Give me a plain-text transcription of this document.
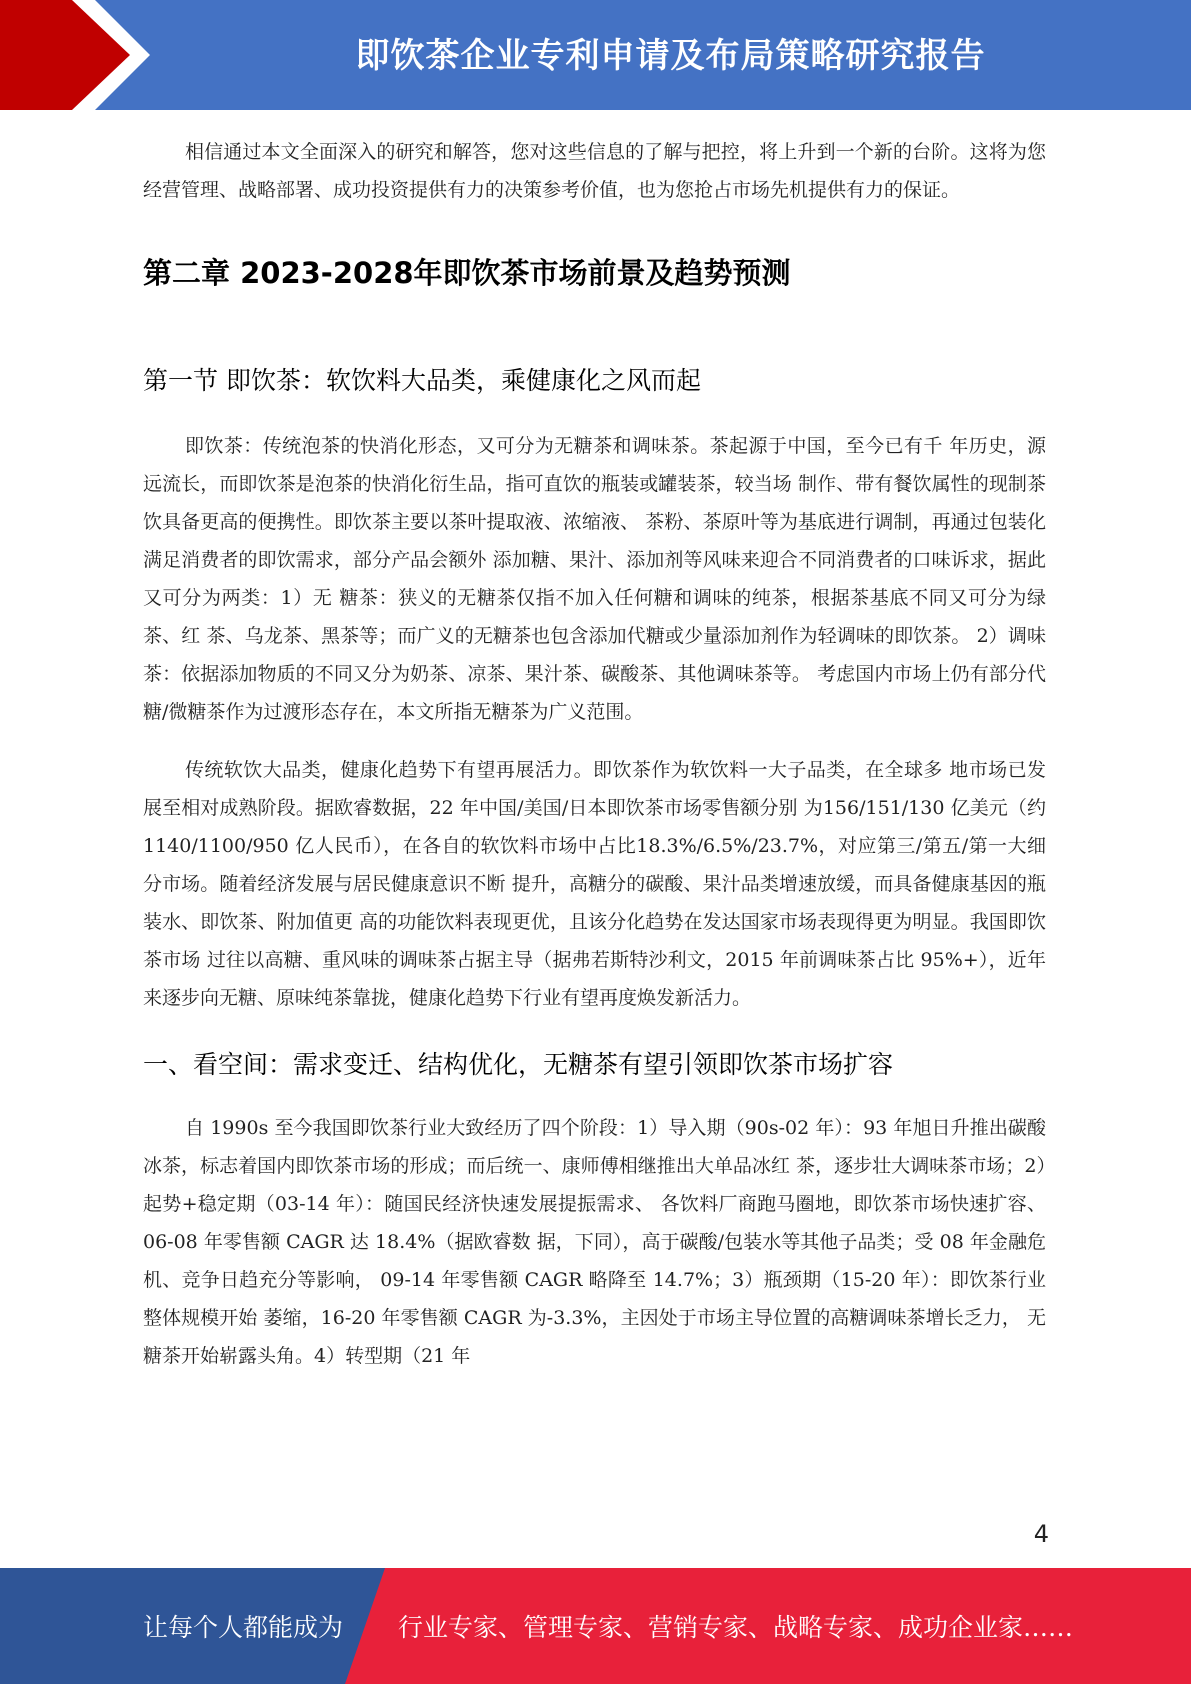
即饮茶企业专利申请及布局策略研究报告

相信通过本文全面深入的研究和解答，您对这些信息的了解与把控，将上升到一个新的台阶。这将为您经营管理、战略部署、成功投资提供有力的决策参考价值，也为您抢占市场先机提供有力的保证。

第二章 2023-2028年即饮茶市场前景及趋势预测
第一节 即饮茶：软饮料大品类，乘健康化之风而起

即饮茶：传统泡茶的快消化形态，又可分为无糖茶和调味茶。茶起源于中国，至今已有千 年历史，源远流长，而即饮茶是泡茶的快消化衍生品，指可直饮的瓶装或罐装茶，较当场 制作、带有餐饮属性的现制茶饮具备更高的便携性。即饮茶主要以茶叶提取液、浓缩液、 茶粉、茶原叶等为基底进行调制，再通过包装化满足消费者的即饮需求，部分产品会额外 添加糖、果汁、添加剂等风味来迎合不同消费者的口味诉求，据此又可分为两类：1）无 糖茶：狭义的无糖茶仅指不加入任何糖和调味的纯茶，根据茶基底不同又可分为绿茶、红 茶、乌龙茶、黑茶等；而广义的无糖茶也包含添加代糖或少量添加剂作为轻调味的即饮茶。 2）调味茶：依据添加物质的不同又分为奶茶、凉茶、果汁茶、碳酸茶、其他调味茶等。 考虑国内市场上仍有部分代糖/微糖茶作为过渡形态存在，本文所指无糖茶为广义范围。

传统软饮大品类，健康化趋势下有望再展活力。即饮茶作为软饮料一大子品类，在全球多 地市场已发展至相对成熟阶段。据欧睿数据，22 年中国/美国/日本即饮茶市场零售额分别 为156/151/130 亿美元（约 1140/1100/950 亿人民币），在各自的软饮料市场中占比18.3%/6.5%/23.7%，对应第三/第五/第一大细分市场。随着经济发展与居民健康意识不断 提升，高糖分的碳酸、果汁品类增速放缓，而具备健康基因的瓶装水、即饮茶、附加值更 高的功能饮料表现更优，且该分化趋势在发达国家市场表现得更为明显。我国即饮茶市场 过往以高糖、重风味的调味茶占据主导（据弗若斯特沙利文，2015 年前调味茶占比 95%+），近年来逐步向无糖、原味纯茶靠拢，健康化趋势下行业有望再度焕发新活力。

一、看空间：需求变迁、结构优化，无糖茶有望引领即饮茶市场扩容

自 1990s 至今我国即饮茶行业大致经历了四个阶段：1）导入期（90s-02 年）：93 年旭日升推出碳酸冰茶，标志着国内即饮茶市场的形成；而后统一、康师傅相继推出大单品冰红 茶，逐步壮大调味茶市场；2）起势+稳定期（03-14 年）：随国民经济快速发展提振需求、 各饮料厂商跑马圈地，即饮茶市场快速扩容、06-08 年零售额 CAGR 达 18.4%（据欧睿数 据，下同），高于碳酸/包装水等其他子品类；受 08 年金融危机、竞争日趋充分等影响， 09-14 年零售额 CAGR 略降至 14.7%；3）瓶颈期（15-20 年）：即饮茶行业整体规模开始 萎缩，16-20 年零售额 CAGR 为-3.3%，主因处于市场主导位置的高糖调味茶增长乏力， 无糖茶开始崭露头角。4）转型期（21 年

4
让每个人都能成为 行业专家、管理专家、营销专家、战略专家、成功企业家……
